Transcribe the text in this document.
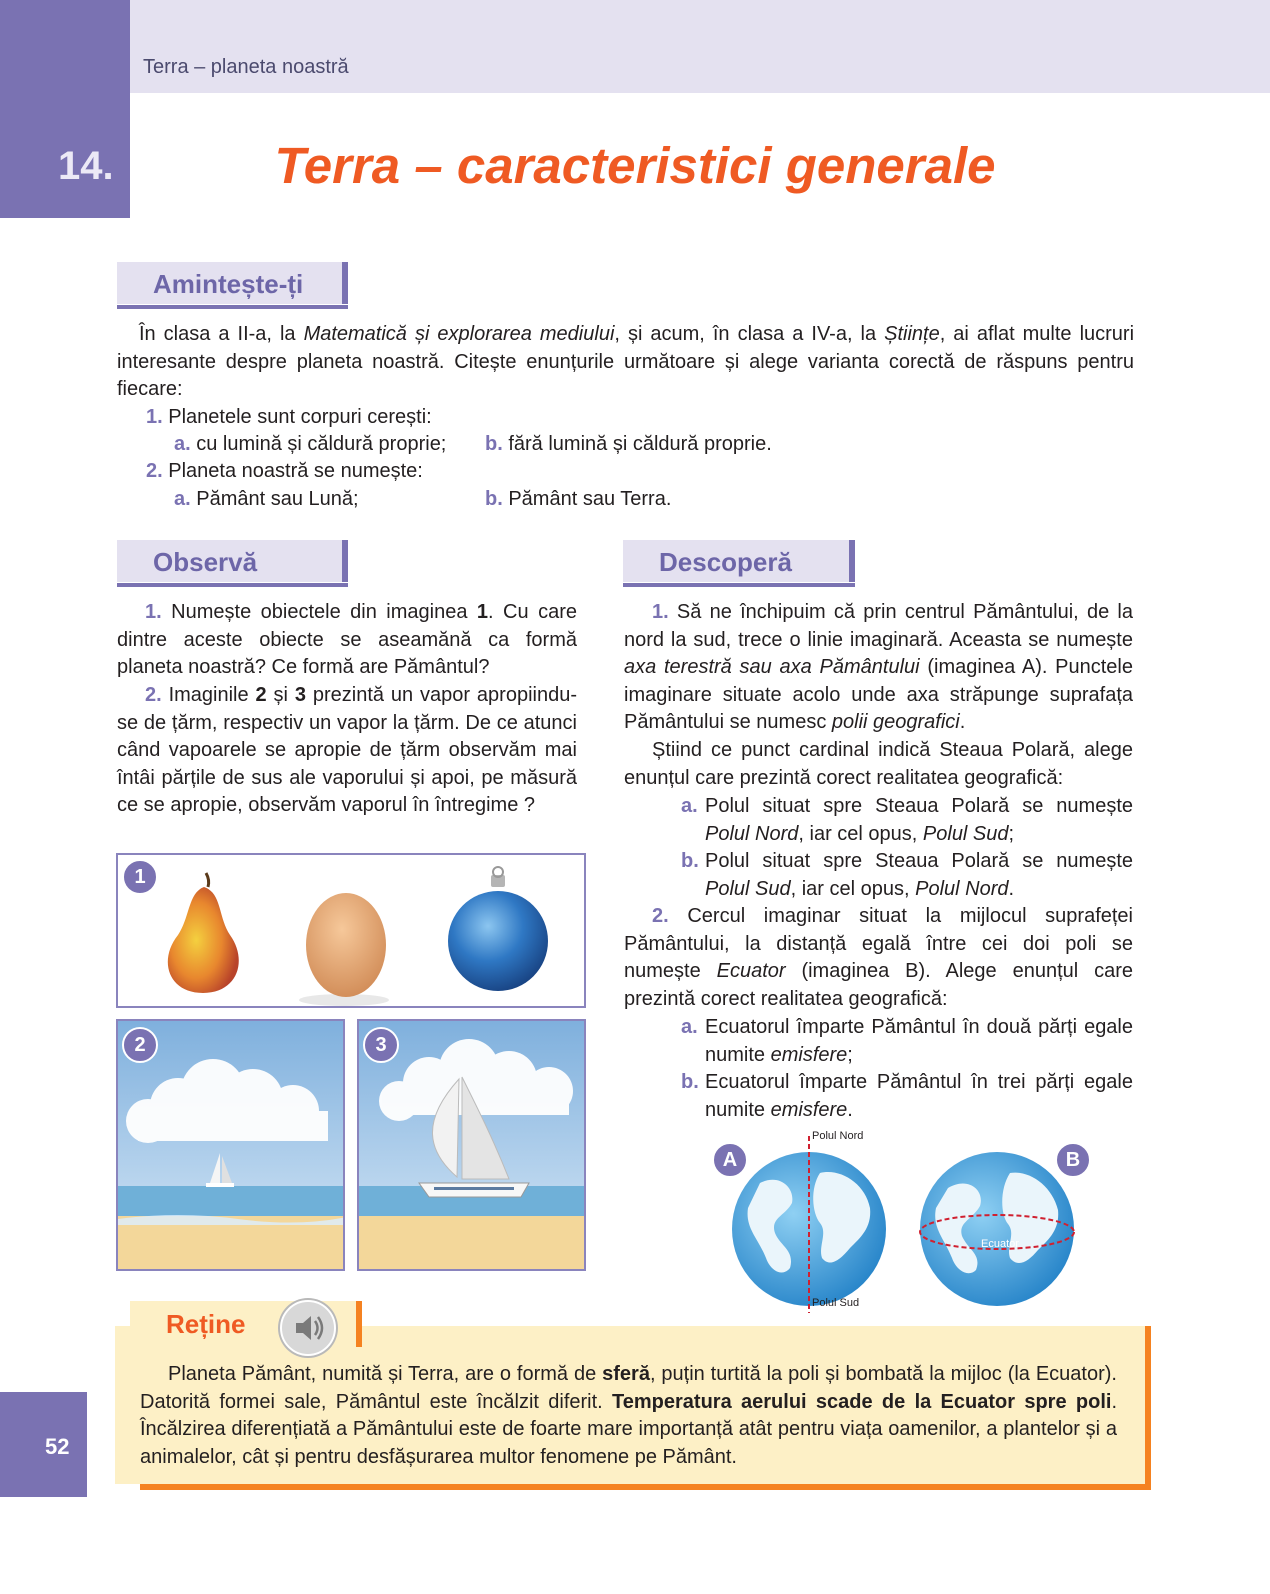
Terra – planeta noastră
14.	Terra – caracteristici generale
Amintește-ți

În clasa a II-a, la Matematică și explorarea mediului, și acum, în clasa a IV-a, la Științe, ai aflat multe lucruri interesante despre planeta noastră. Citește enunțurile următoare și alege varianta corectă de răspuns pentru fiecare:

1. Planetele sunt corpuri cerești:
a. cu lumină și căldură proprie; b. fără lumină și căldură proprie.
2. Planeta noastră se numește:
a. Pământ sau Lună;	b. Pământ sau Terra.
Observă

1. Numește obiectele din imaginea 1. Cu care dintre aceste obiecte se aseamănă ca formă planeta noastră? Ce formă are Pământul?

2. Imaginile 2 și 3 prezintă un vapor apropiindu-se de țărm, respectiv un vapor la țărm. De ce atunci când vapoarele se apropie de țărm observăm mai întâi părțile de sus ale vaporului și apoi, pe măsură ce se apropie, observăm vaporul în întregime ?

1
2	3
Descoperă

1. Să ne închipuim că prin centrul Pământului, de la nord la sud, trece o linie imaginară. Aceasta se numește axa terestră sau axa Pământului (imaginea A). Punctele imaginare situate acolo unde axa străpunge suprafața Pământului se numesc polii geografici.

Știind ce punct cardinal indică Steaua Polară, alege enunțul care prezintă corect realitatea geografică:

a. Polul situat spre Steaua Polară se numește Polul Nord, iar cel opus, Polul Sud;

b. Polul situat spre Steaua Polară se numește Polul Sud, iar cel opus, Polul Nord.

2. Cercul imaginar situat la mijlocul suprafeței Pământului, la distanță egală între cei doi poli se numește Ecuator (imaginea B). Alege enunțul care prezintă corect realitatea geografică:

a. Ecuatorul împarte Pământul în două părți egale numite emisfere;

b. Ecuatorul împarte Pământul în trei părți egale numite emisfere.

Polul Nord
Polul Sud
Ecuator
A	B
Reține

Planeta Pământ, numită și Terra, are o formă de sferă, puțin turtită la poli și bombată la mijloc (la Ecuator). Datorită formei sale, Pământul este încălzit diferit. Temperatura aerului scade de la Ecuator spre poli. Încălzirea diferențiată a Pământului este de foarte mare importanță atât pentru viața oamenilor, a plantelor și a animalelor, cât și pentru desfășurarea multor fenomene pe Pământ.

52
